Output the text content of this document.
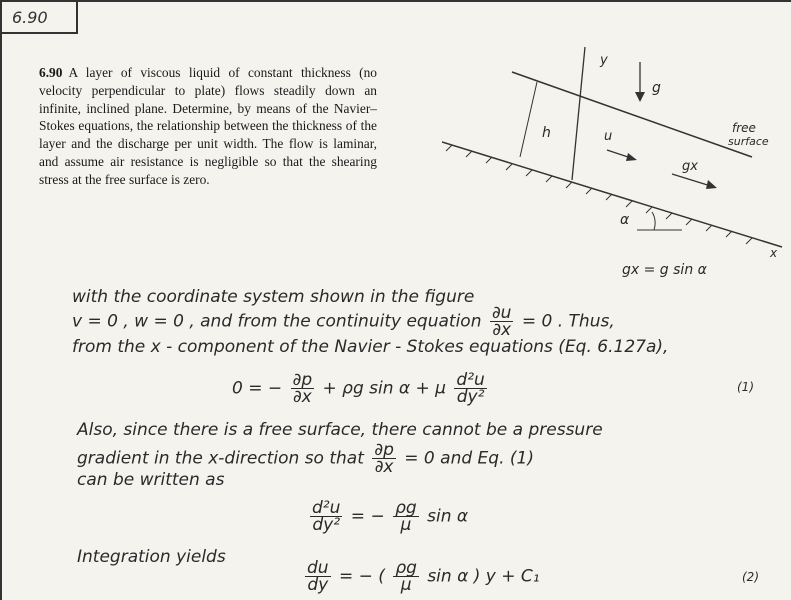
6.90
6.90 A layer of viscous liquid of constant thickness (no velocity perpendicular to plate) flows steadily down an infinite, inclined plane. Determine, by means of the Navier–Stokes equations, the relationship between the thickness of the layer and the discharge per unit width. The flow is laminar, and assume air resistance is negligible so that the shearing stress at the free surface is zero.
y
g
h	u
gx
free
surface
α
x
gx = g sin α
with the coordinate system shown in the figure
v = 0 , w = 0 , and from the continuity equation $\frac{\partial u}{\partial x} = 0$ . Thus,
from the x - component of the Navier - Stokes equations (Eq. 6.127a),
0 = − $\frac{\partial p}{\partial x} + \rho g$ sin α + μ $\frac{\text{d²u}}{\text{dy²}}$	(1)
Also, since there is a free surface, there cannot be a pressure
gradient in the x-direction so that $\frac{\partial p}{\partial x} = 0$ and Eq. (1)
can be written as
$\frac{\text{d²u}}{\text{dy²}}$ = − $\frac{\rho g}{\mu}$ sin α
Integration yields
$\frac{du}{dy}$ = − ( $\frac{\rho g}{\mu}$ sin α ) y + C₁	(2)
